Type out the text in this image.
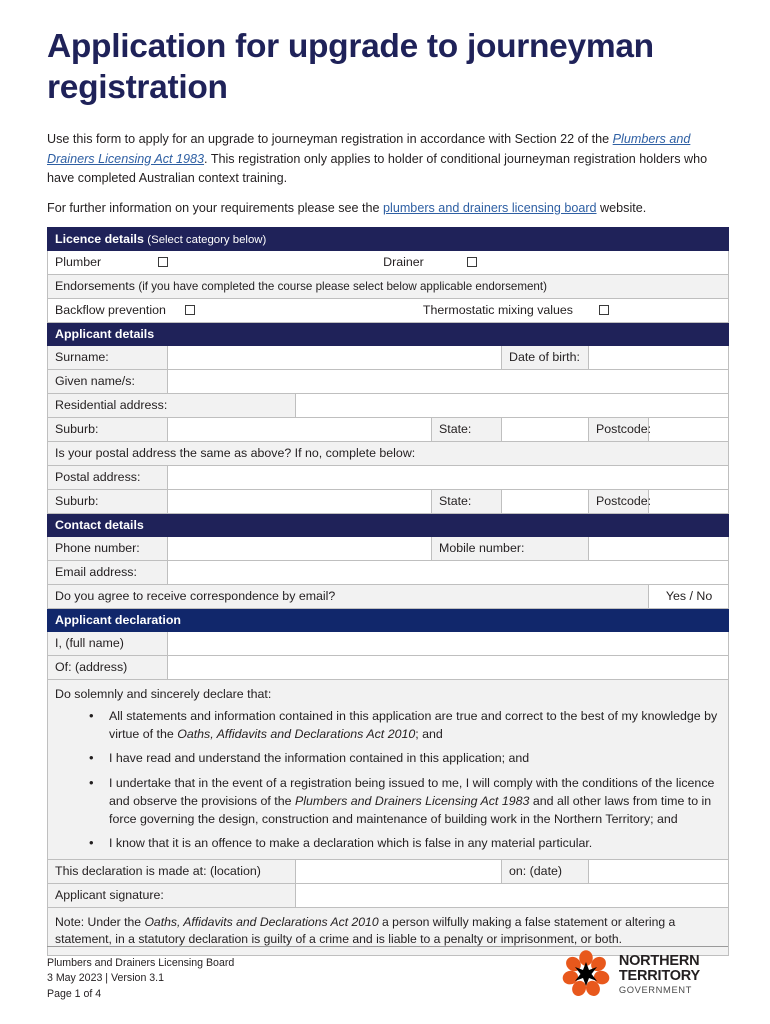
Application for upgrade to journeyman registration

Use this form to apply for an upgrade to journeyman registration in accordance with Section 22 of the Plumbers and Drainers Licensing Act 1983. This registration only applies to holder of conditional journeyman registration holders who have completed Australian context training.

For further information on your requirements please see the plumbers and drainers licensing board website.

Licence details (Select category below)						
Plumber Drainer						
Endorsements (if you have completed the course please select below applicable endorsement)						
Backflow prevention Thermostatic mixing values						
Applicant details						
Surname:				Date of birth:		
Given name/s:						
Residential address:						
Suburb:			State:		Postcode:	
Is your postal address the same as above? If no, complete below:						
Postal address:						
Suburb:			State:		Postcode:	
Contact details						
Phone number:			Mobile number:			
Email address:						
Do you agree to receive correspondence by email?						Yes / No
Applicant declaration						
I, (full name)						
Of: (address)						

Do solemnly and sincerely declare that:

• All statements and information contained in this application are true and correct to the best of my knowledge by virtue of the Oaths, Affidavits and Declarations Act 2010; and
• I have read and understand the information contained in this application; and
• I undertake that in the event of a registration being issued to me, I will comply with the conditions of the licence and observe the provisions of the Plumbers and Drainers Licensing Act 1983 and all other laws from time to in force governing the design, construction and maintenance of building work in the Northern Territory; and
• I know that it is an offence to make a declaration which is false in any material particular.

This declaration is made at: (location)				on: (date)		
Applicant signature:						
Note: Under the Oaths, Affidavits and Declarations Act 2010 a person wilfully making a false statement or altering a statement, in a statutory declaration is guilty of a crime and is liable to a penalty or imprisonment, or both.						
Plumbers and Drainers Licensing Board
3 May 2023 | Version 3.1
Page 1 of 4
NORTHERN
TERRITORY
GOVERNMENT
